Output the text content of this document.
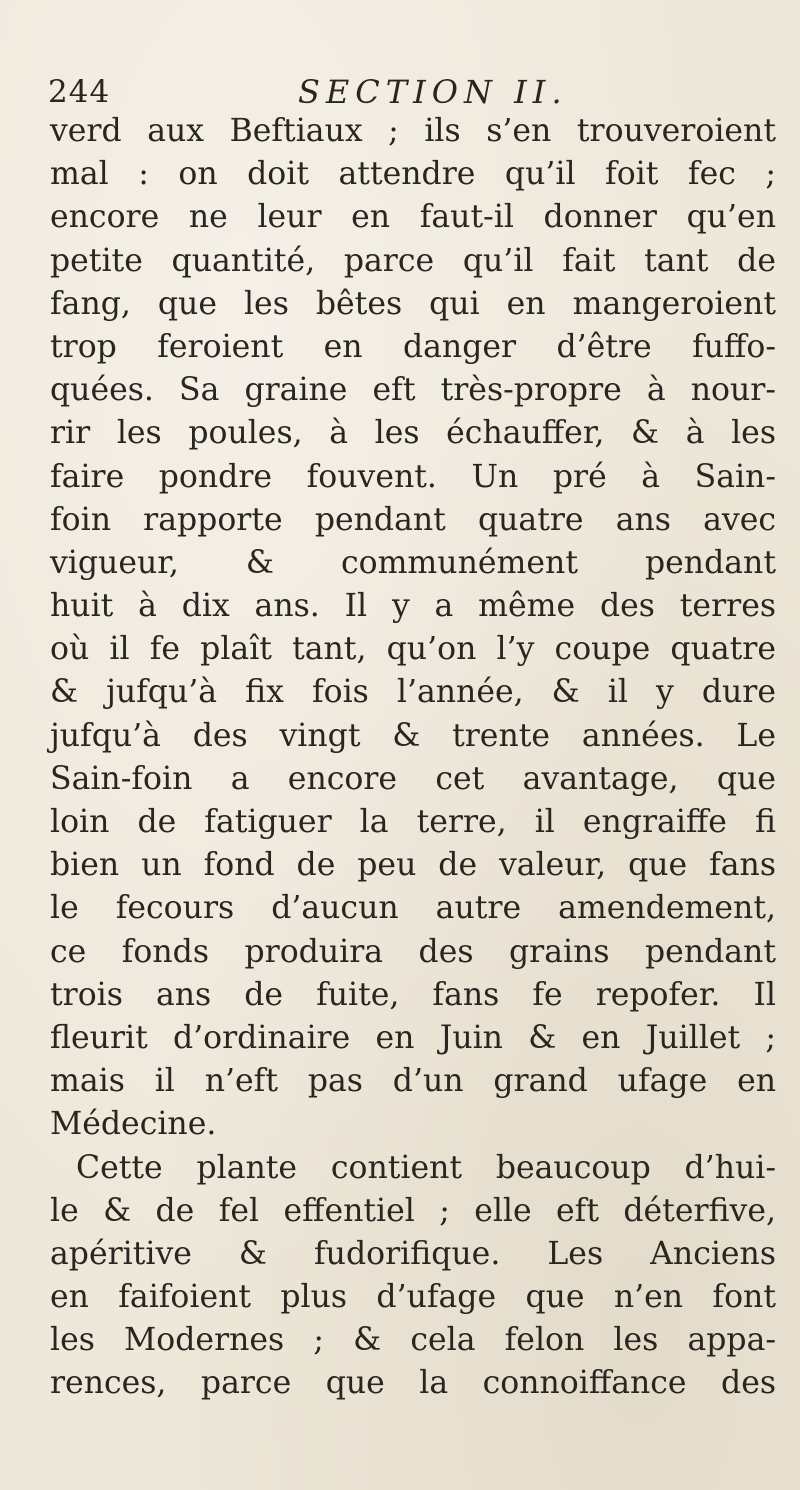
244	SECTION II.
verd aux Beftiaux ; ils s’en trouveroient
mal : on doit attendre qu’il foit fec ;
encore ne leur en faut-il donner qu’en
petite quantité, parce qu’il fait tant de
fang, que les bêtes qui en mangeroient
trop feroient en danger d’être fuffo-
quées. Sa graine eft très-propre à nour-
rir les poules, à les échauffer, & à les
faire pondre fouvent. Un pré à Sain-
foin rapporte pendant quatre ans avec
vigueur, & communément pendant
huit à dix ans. Il y a même des terres
où il fe plaît tant, qu’on l’y coupe quatre
& jufqu’à fix fois l’année, & il y dure
jufqu’à des vingt & trente années. Le
Sain-foin a encore cet avantage, que
loin de fatiguer la terre, il engraiffe fi
bien un fond de peu de valeur, que fans
le fecours d’aucun autre amendement,
ce fonds produira des grains pendant
trois ans de fuite, fans fe repofer. Il
fleurit d’ordinaire en Juin & en Juillet ;
mais il n’eft pas d’un grand ufage en
Médecine.
Cette plante contient beaucoup d’hui-
le & de fel effentiel ; elle eft déterfive,
apéritive & fudorifique. Les Anciens
en faifoient plus d’ufage que n’en font
les Modernes ; & cela felon les appa-
rences, parce que la connoiffance des
